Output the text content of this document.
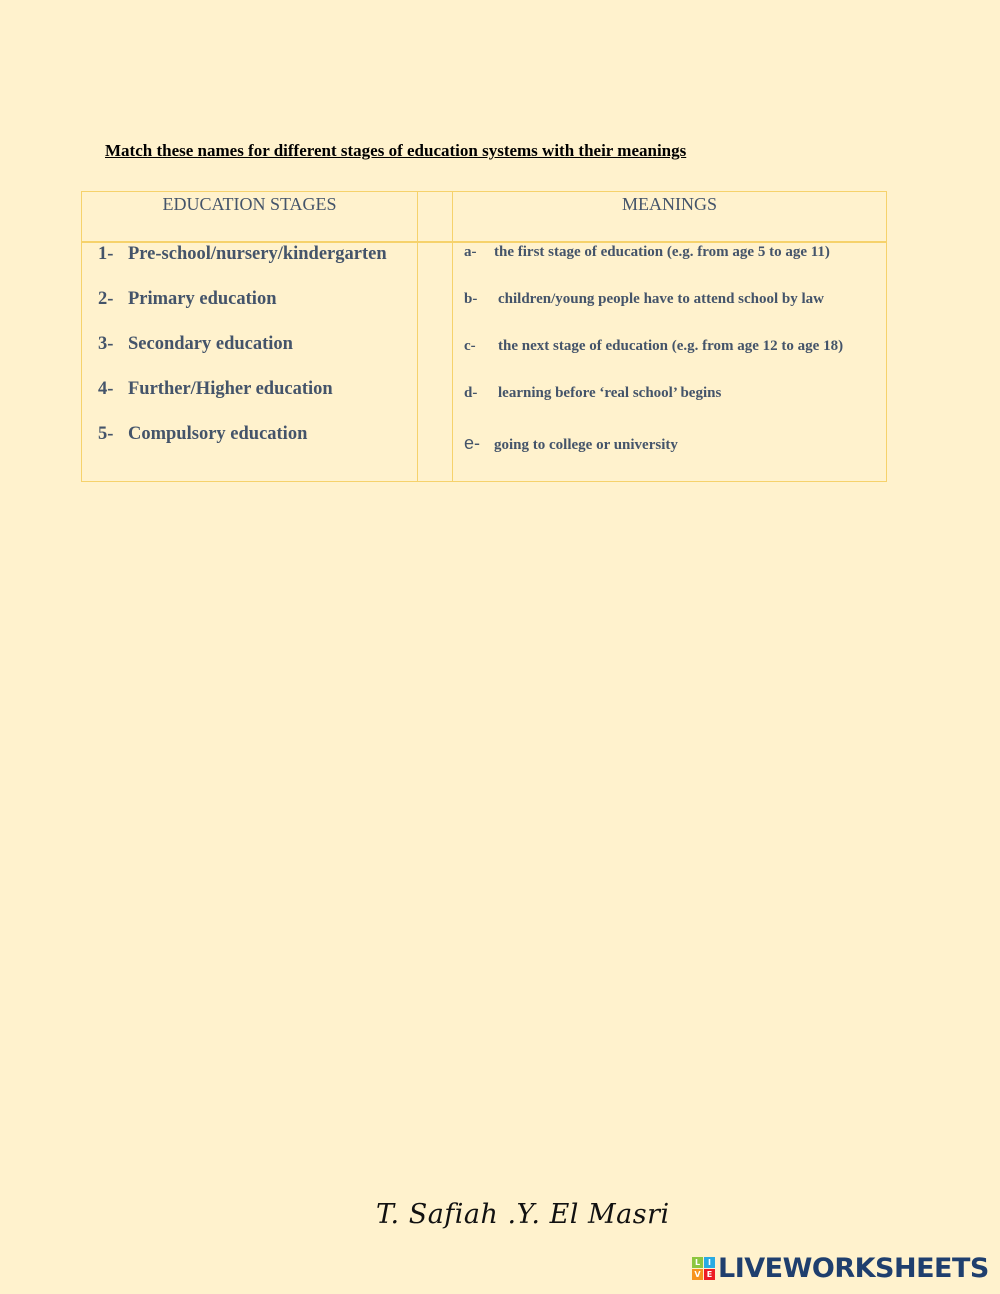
Match these names for different stages of education systems with their meanings
EDUCATION STAGES	MEANINGS
1- Pre-school/nursery/kindergarten
2- Primary education
3- Secondary education
4- Further/Higher education
5- Compulsory education
a- the first stage of education (e.g. from age 5 to age 11)
b- children/young people have to attend school by law
c- the next stage of education (e.g. from age 12 to age 18)
d- learning before ‘real school’ begins
e- going to college or university
T. Safiah .Y. El Masri
L I
V E LIVEWORKSHEETS
